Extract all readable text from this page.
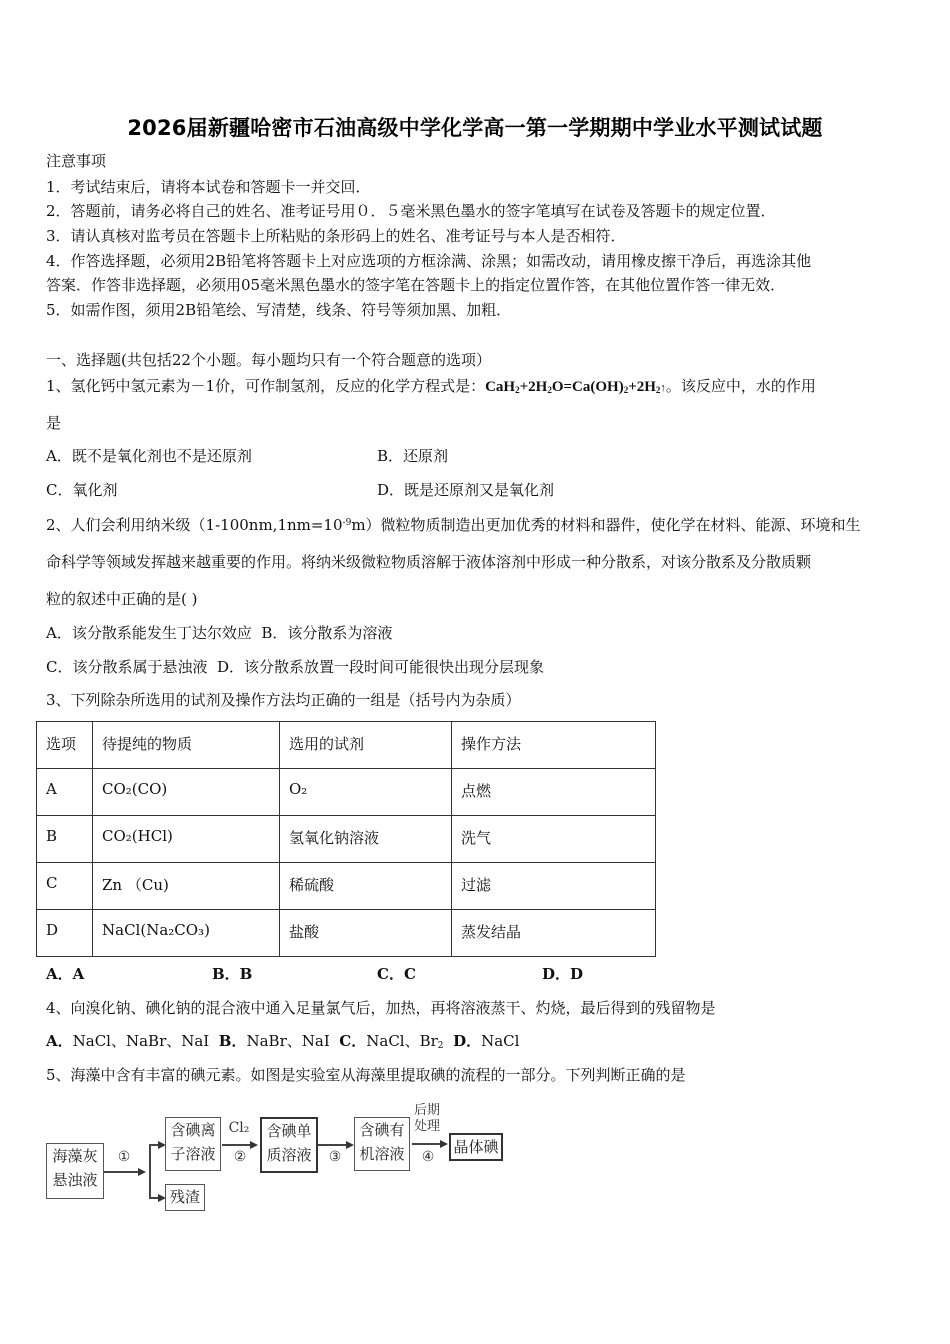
2026届新疆哈密市石油高级中学化学高一第一学期期中学业水平测试试题
注意事项
1．考试结束后，请将本试卷和答题卡一并交回．
2．答题前，请务必将自己的姓名、准考证号用０．５毫米黑色墨水的签字笔填写在试卷及答题卡的规定位置．
3．请认真核对监考员在答题卡上所粘贴的条形码上的姓名、准考证号与本人是否相符．
4．作答选择题，必须用2B铅笔将答题卡上对应选项的方框涂满、涂黑；如需改动，请用橡皮擦干净后，再选涂其他
答案．作答非选择题，必须用05毫米黑色墨水的签字笔在答题卡上的指定位置作答，在其他位置作答一律无效．
5．如需作图，须用2B铅笔绘、写清楚，线条、符号等须加黑、加粗．
一、选择题(共包括22个小题。每小题均只有一个符合题意的选项）
1、氢化钙中氢元素为－1价，可作制氢剂，反应的化学方程式是：$CaH_2+2H_2O=Ca(OH)_2+2H_2↑$。该反应中，水的作用
是
A．既不是氧化剂也不是还原剂	B．还原剂
C．氧化剂	D．既是还原剂又是氧化剂
2、人们会利用纳米级$(1-100nm,1nm=10^{-9}m)$微粒物质制造出更加优秀的材料和器件，使化学在材料、能源、环境和生
命科学等领域发挥越来越重要的作用。将纳米级微粒物质溶解于液体溶剂中形成一种分散系，对该分散系及分散质颗
粒的叙述中正确的是( )
A．该分散系能发生丁达尔效应 B．该分散系为溶液
C．该分散系属于悬浊液 D．该分散系放置一段时间可能很快出现分层现象
3、下列除杂所选用的试剂及操作方法均正确的一组是（括号内为杂质）
选项	待提纯的物质	选用的试剂	操作方法

A	CO₂(CO)	O₂	点燃

B	CO₂(HCl)	氢氧化钠溶液	洗气

C	Zn （Cu)	稀硫酸	过滤

D	NaCl(Na₂CO₃)	盐酸	蒸发结晶
A．A	B．B	C．C	D．D
4、向溴化钠、碘化钠的混合液中通入足量氯气后，加热，再将溶液蒸干、灼烧，最后得到的残留物是
A．NaCl、NaBr、NaI B．NaBr、NaI C．NaCl、$Br_2$ D．NaCl
5、海藻中含有丰富的碘元素。如图是实验室从海藻里提取碘的流程的一部分。下列判断正确的是
海藻灰
悬浊液
①
含碘离
子溶液
残渣
Cl₂
②
含碘单
质溶液	③
含碘有
机溶液
后期
处理
④
晶体碘
